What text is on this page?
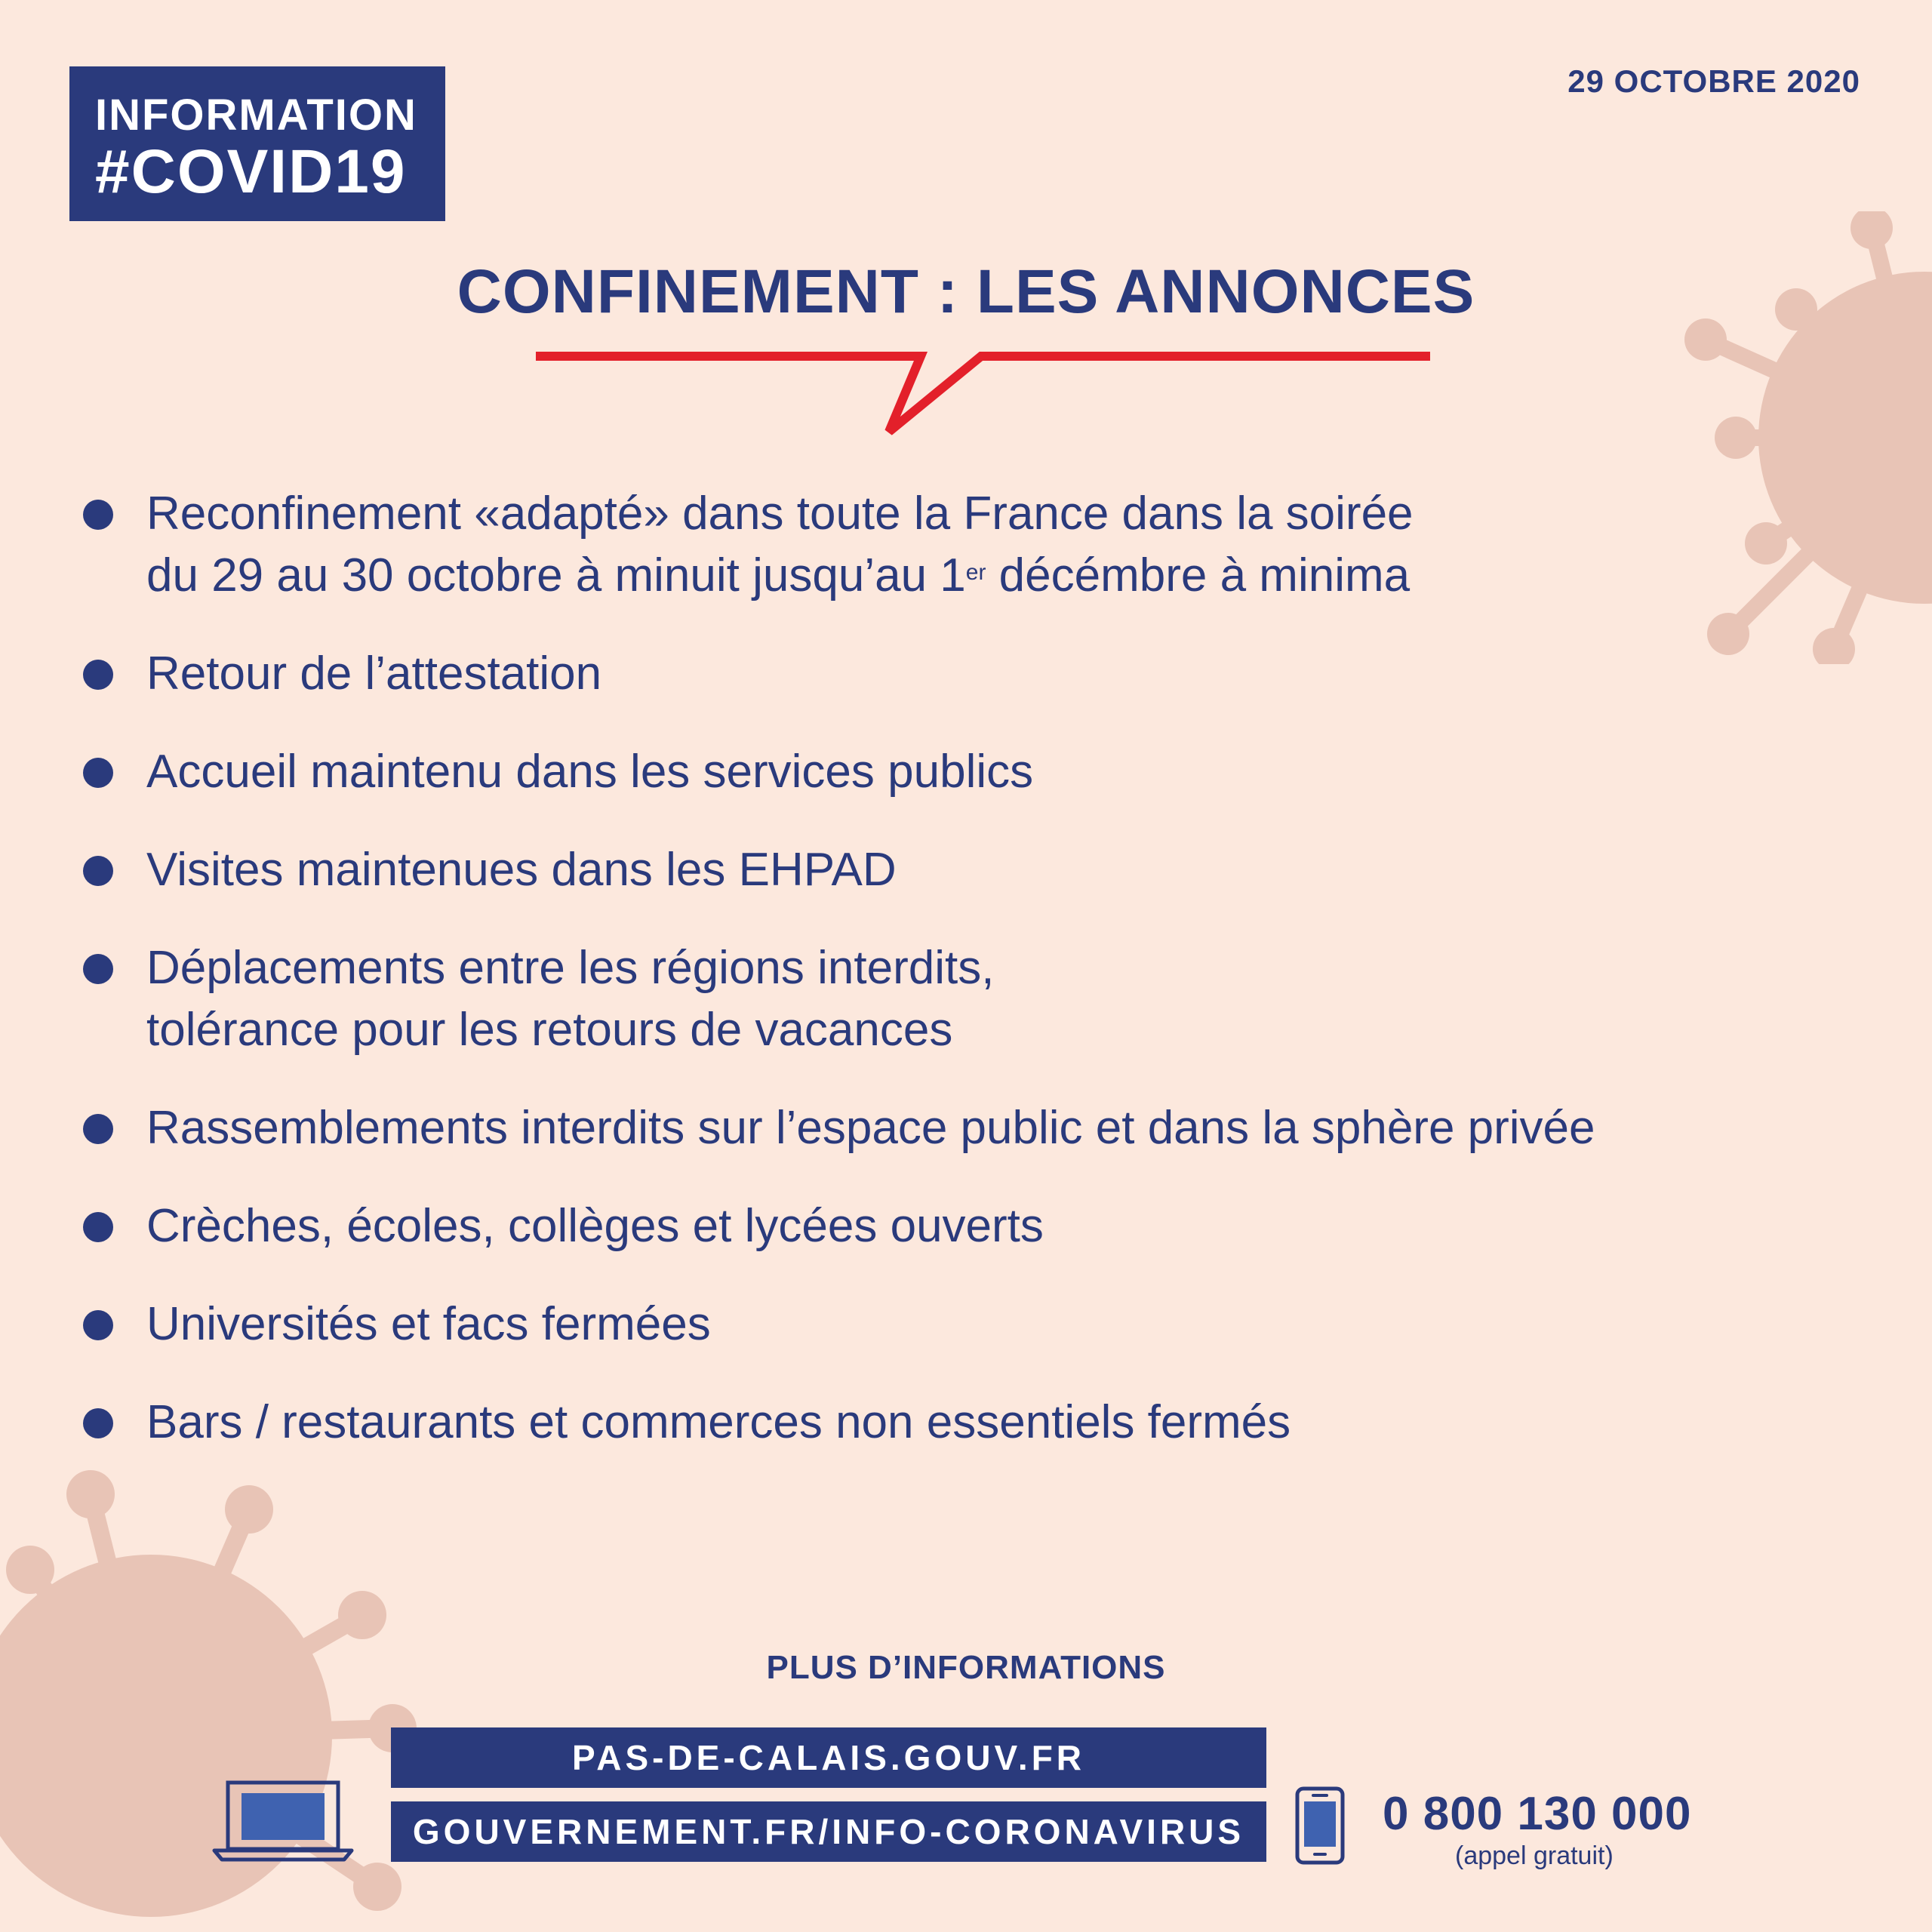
INFORMATION
#COVID19
29 OCTOBRE 2020
CONFINEMENT : LES ANNONCES
Reconfinement «adapté» dans toute la France dans la soirée
du 29 au 30 octobre à minuit jusqu’au 1er décémbre à minima
Retour de l’attestation
Accueil maintenu dans les services publics
Visites maintenues dans les EHPAD
Déplacements entre les régions interdits,
tolérance pour les retours de vacances
Rassemblements interdits sur l’espace public et dans la sphère privée
Crèches, écoles, collèges et lycées ouverts
Universités et facs fermées
Bars / restaurants et commerces non essentiels fermés
PLUS D’INFORMATIONS
PAS-DE-CALAIS.GOUV.FR
GOUVERNEMENT.FR/INFO-CORONAVIRUS	0 800 130 000
(appel gratuit)
